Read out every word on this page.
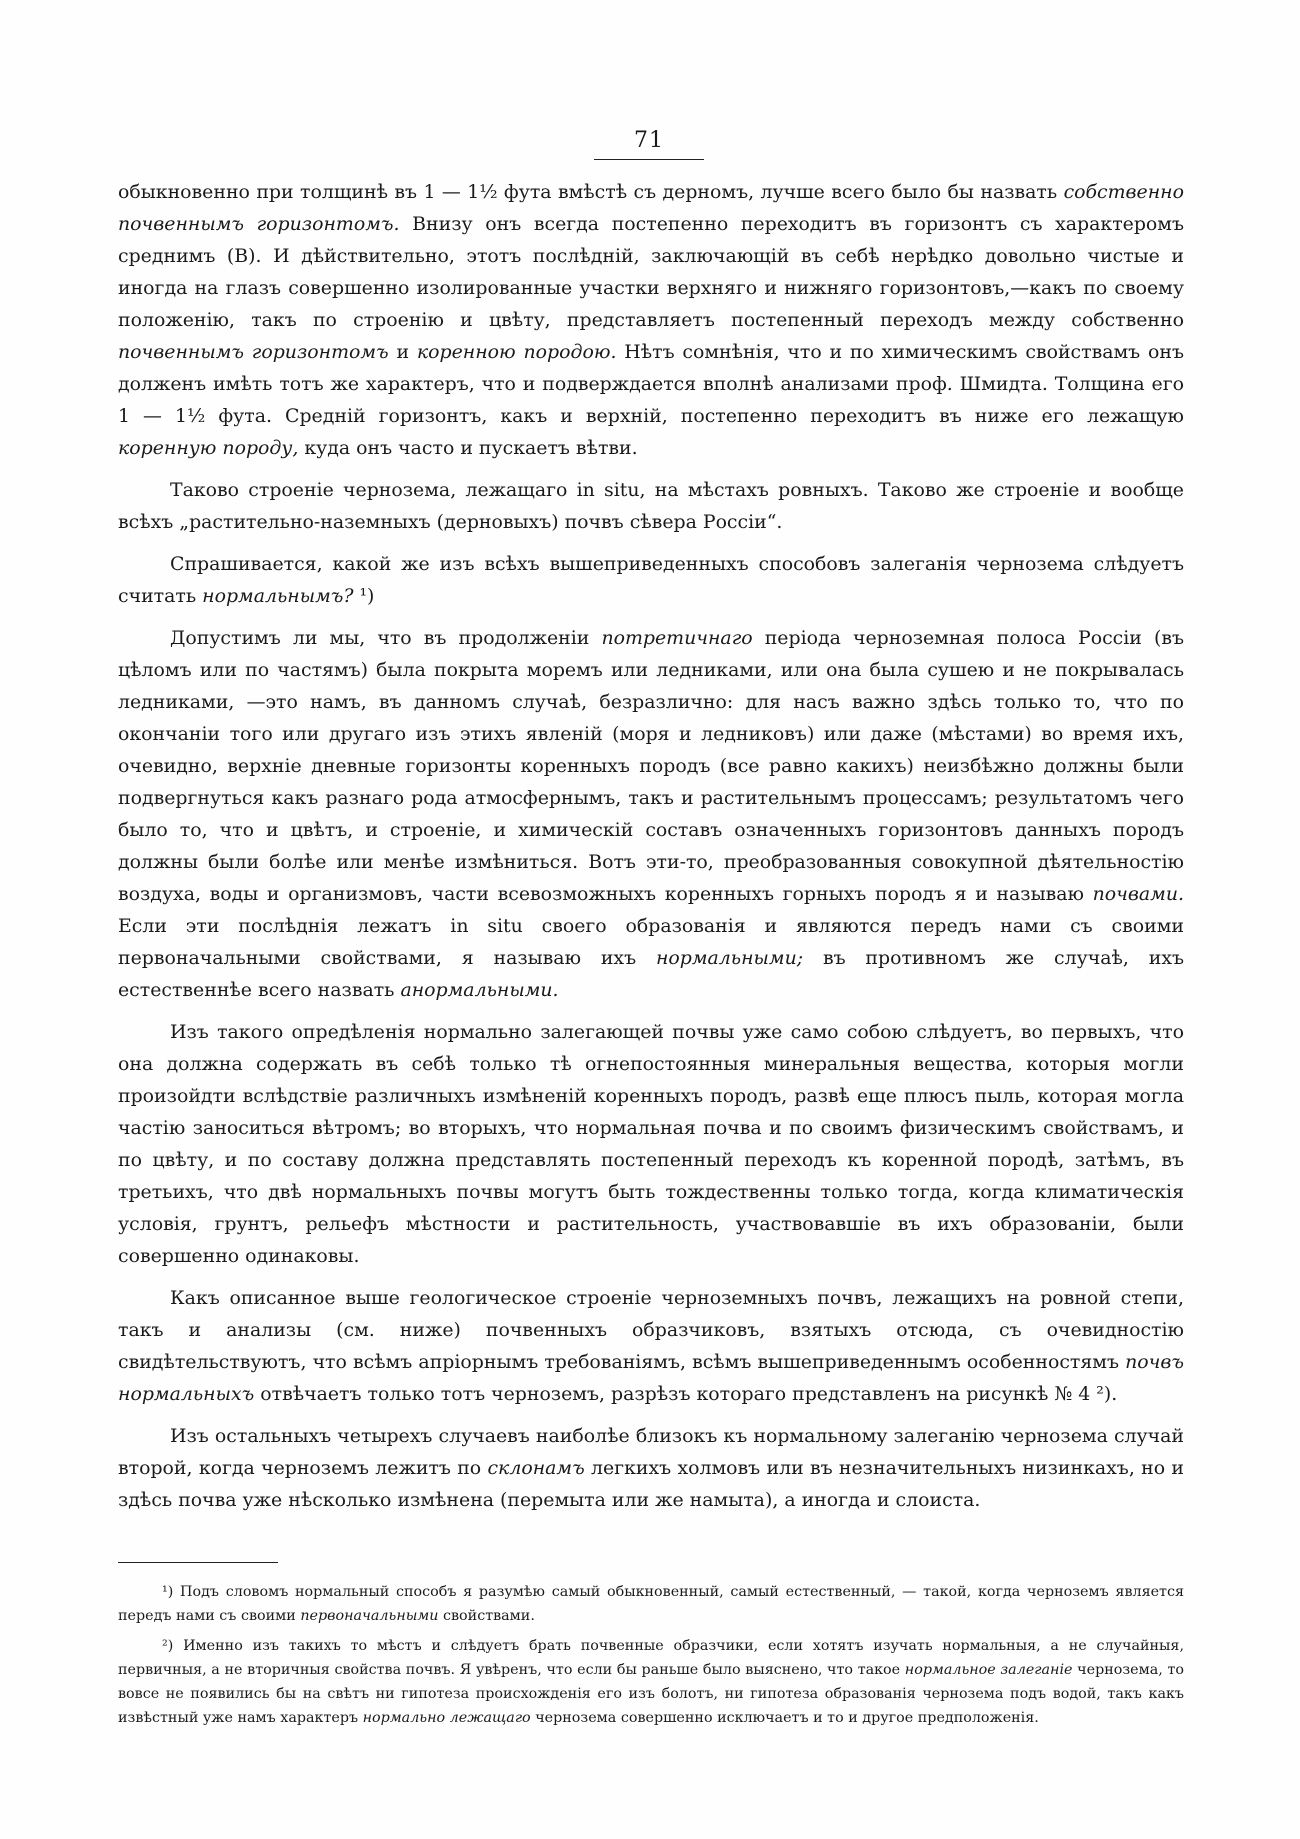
71

обыкновенно при толщинѣ въ 1 — 1½ фута вмѣстѣ съ дерномъ, лучше всего было бы назвать собственно почвеннымъ горизонтомъ. Внизу онъ всегда постепенно переходитъ въ горизонтъ съ характеромъ среднимъ (B). И дѣйствительно, этотъ послѣдній, заключающій въ себѣ нерѣдко довольно чистые и иногда на глазъ совершенно изолированные участки верхняго и нижняго горизонтовъ,—какъ по своему положенію, такъ по строенію и цвѣту, представляетъ постепенный переходъ между собственно почвеннымъ горизонтомъ и коренною породою. Нѣтъ сомнѣнія, что и по химическимъ свойствамъ онъ долженъ имѣть тотъ же характеръ, что и подверждается вполнѣ анализами проф. Шмидта. Толщина его 1 — 1½ фута. Средній горизонтъ, какъ и верхній, постепенно переходитъ въ ниже его лежащую коренную породу, куда онъ часто и пускаетъ вѣтви.

Таково строеніе чернозема, лежащаго in situ, на мѣстахъ ровныхъ. Таково же строеніе и вообще всѣхъ „растительно-наземныхъ (дерновыхъ) почвъ сѣвера Россіи“.

Спрашивается, какой же изъ всѣхъ вышеприведенныхъ способовъ залеганія чернозема слѣдуетъ считать нормальнымъ? ¹)

Допустимъ ли мы, что въ продолженіи потретичнаго періода черноземная полоса Россіи (въ цѣломъ или по частямъ) была покрыта моремъ или ледниками, или она была сушею и не покрывалась ледниками, —это намъ, въ данномъ случаѣ, безразлично: для насъ важно здѣсь только то, что по окончаніи того или другаго изъ этихъ явленій (моря и ледниковъ) или даже (мѣстами) во время ихъ, очевидно, верхніе дневные горизонты коренныхъ породъ (все равно какихъ) неизбѣжно должны были подвергнуться какъ разнаго рода атмосфернымъ, такъ и растительнымъ процессамъ; результатомъ чего было то, что и цвѣтъ, и строеніе, и химическій составъ означенныхъ горизонтовъ данныхъ породъ должны были болѣе или менѣе измѣниться. Вотъ эти-то, преобразованныя совокупной дѣятельностію воздуха, воды и организмовъ, части всевозможныхъ коренныхъ горныхъ породъ я и называю почвами. Если эти послѣднія лежатъ in situ своего образованія и являются передъ нами съ своими первоначальными свойствами, я называю ихъ нормальными; въ противномъ же случаѣ, ихъ естественнѣе всего назвать анормальными.

Изъ такого опредѣленія нормально залегающей почвы уже само собою слѣдуетъ, во первыхъ, что она должна содержать въ себѣ только тѣ огнепостоянныя минеральныя вещества, которыя могли произойдти вслѣдствіе различныхъ измѣненій коренныхъ породъ, развѣ еще плюсъ пыль, которая могла частію заноситься вѣтромъ; во вторыхъ, что нормальная почва и по своимъ физическимъ свойствамъ, и по цвѣту, и по составу должна представлять постепенный переходъ къ коренной породѣ, затѣмъ, въ третьихъ, что двѣ нормальныхъ почвы могутъ быть тождественны только тогда, когда климатическія условія, грунтъ, рельефъ мѣстности и растительность, участвовавшіе въ ихъ образованіи, были совершенно одинаковы.

Какъ описанное выше геологическое строеніе черноземныхъ почвъ, лежащихъ на ровной степи, такъ и анализы (см. ниже) почвенныхъ образчиковъ, взятыхъ отсюда, съ очевидностію свидѣтельствуютъ, что всѣмъ апріорнымъ требованіямъ, всѣмъ вышеприведеннымъ особенностямъ почвъ нормальныхъ отвѣчаетъ только тотъ черноземъ, разрѣзъ котораго представленъ на рисункѣ № 4 ²).

Изъ остальныхъ четырехъ случаевъ наиболѣе близокъ къ нормальному залеганію чернозема случай второй, когда черноземъ лежитъ по склонамъ легкихъ холмовъ или въ незначительныхъ низинкахъ, но и здѣсь почва уже нѣсколько измѣнена (перемыта или же намыта), а иногда и слоиста.

¹) Подъ словомъ нормальный способъ я разумѣю самый обыкновенный, самый естественный, — такой, когда черноземъ является передъ нами съ своими первоначальными свойствами.

²) Именно изъ такихъ то мѣстъ и слѣдуетъ брать почвенные образчики, если хотятъ изучать нормальныя, а не случайныя, первичныя, а не вторичныя свойства почвъ. Я увѣренъ, что если бы раньше было выяснено, что такое нормальное залеганіе чернозема, то вовсе не появились бы на свѣтъ ни гипотеза происхожденія его изъ болотъ, ни гипотеза образованія чернозема подъ водой, такъ какъ извѣстный уже намъ характеръ нормально лежащаго чернозема совершенно исключаетъ и то и другое предположенія.
